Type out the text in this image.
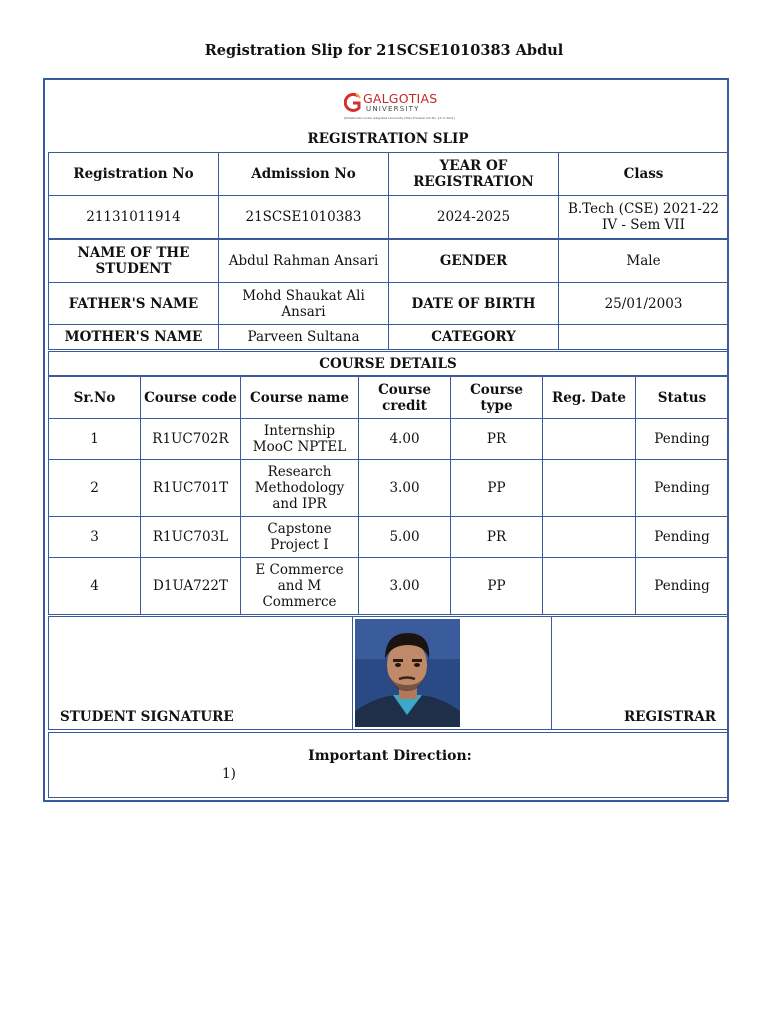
Registration Slip for 21SCSE1010383 Abdul
GALGOTIAS
UNIVERSITY
(Established under Galgotias University Uttar Pradesh Act No. 14 of 2011)
REGISTRATION SLIP
Registration No	Admission No	YEAR OF REGISTRATION	Class
21131011914	21SCSE1010383	2024-2025	B.Tech (CSE) 2021-22 IV - Sem VII
NAME OF THE STUDENT	Abdul Rahman Ansari	GENDER	Male
FATHER'S NAME	Mohd Shaukat Ali Ansari	DATE OF BIRTH	25/01/2003
MOTHER'S NAME	Parveen Sultana	CATEGORY	
COURSE DETAILS
Sr.No	Course code	Course name	Course credit	Course type	Reg. Date	Status
1	R1UC702R	Internship MooC NPTEL	4.00	PR		Pending
2	R1UC701T	Research Methodology and IPR	3.00	PP		Pending
3	R1UC703L	Capstone Project I	5.00	PR		Pending
4	D1UA722T	E Commerce and M Commerce	3.00	PP		Pending
STUDENT SIGNATURE	REGISTRAR
Important Direction:
1)
